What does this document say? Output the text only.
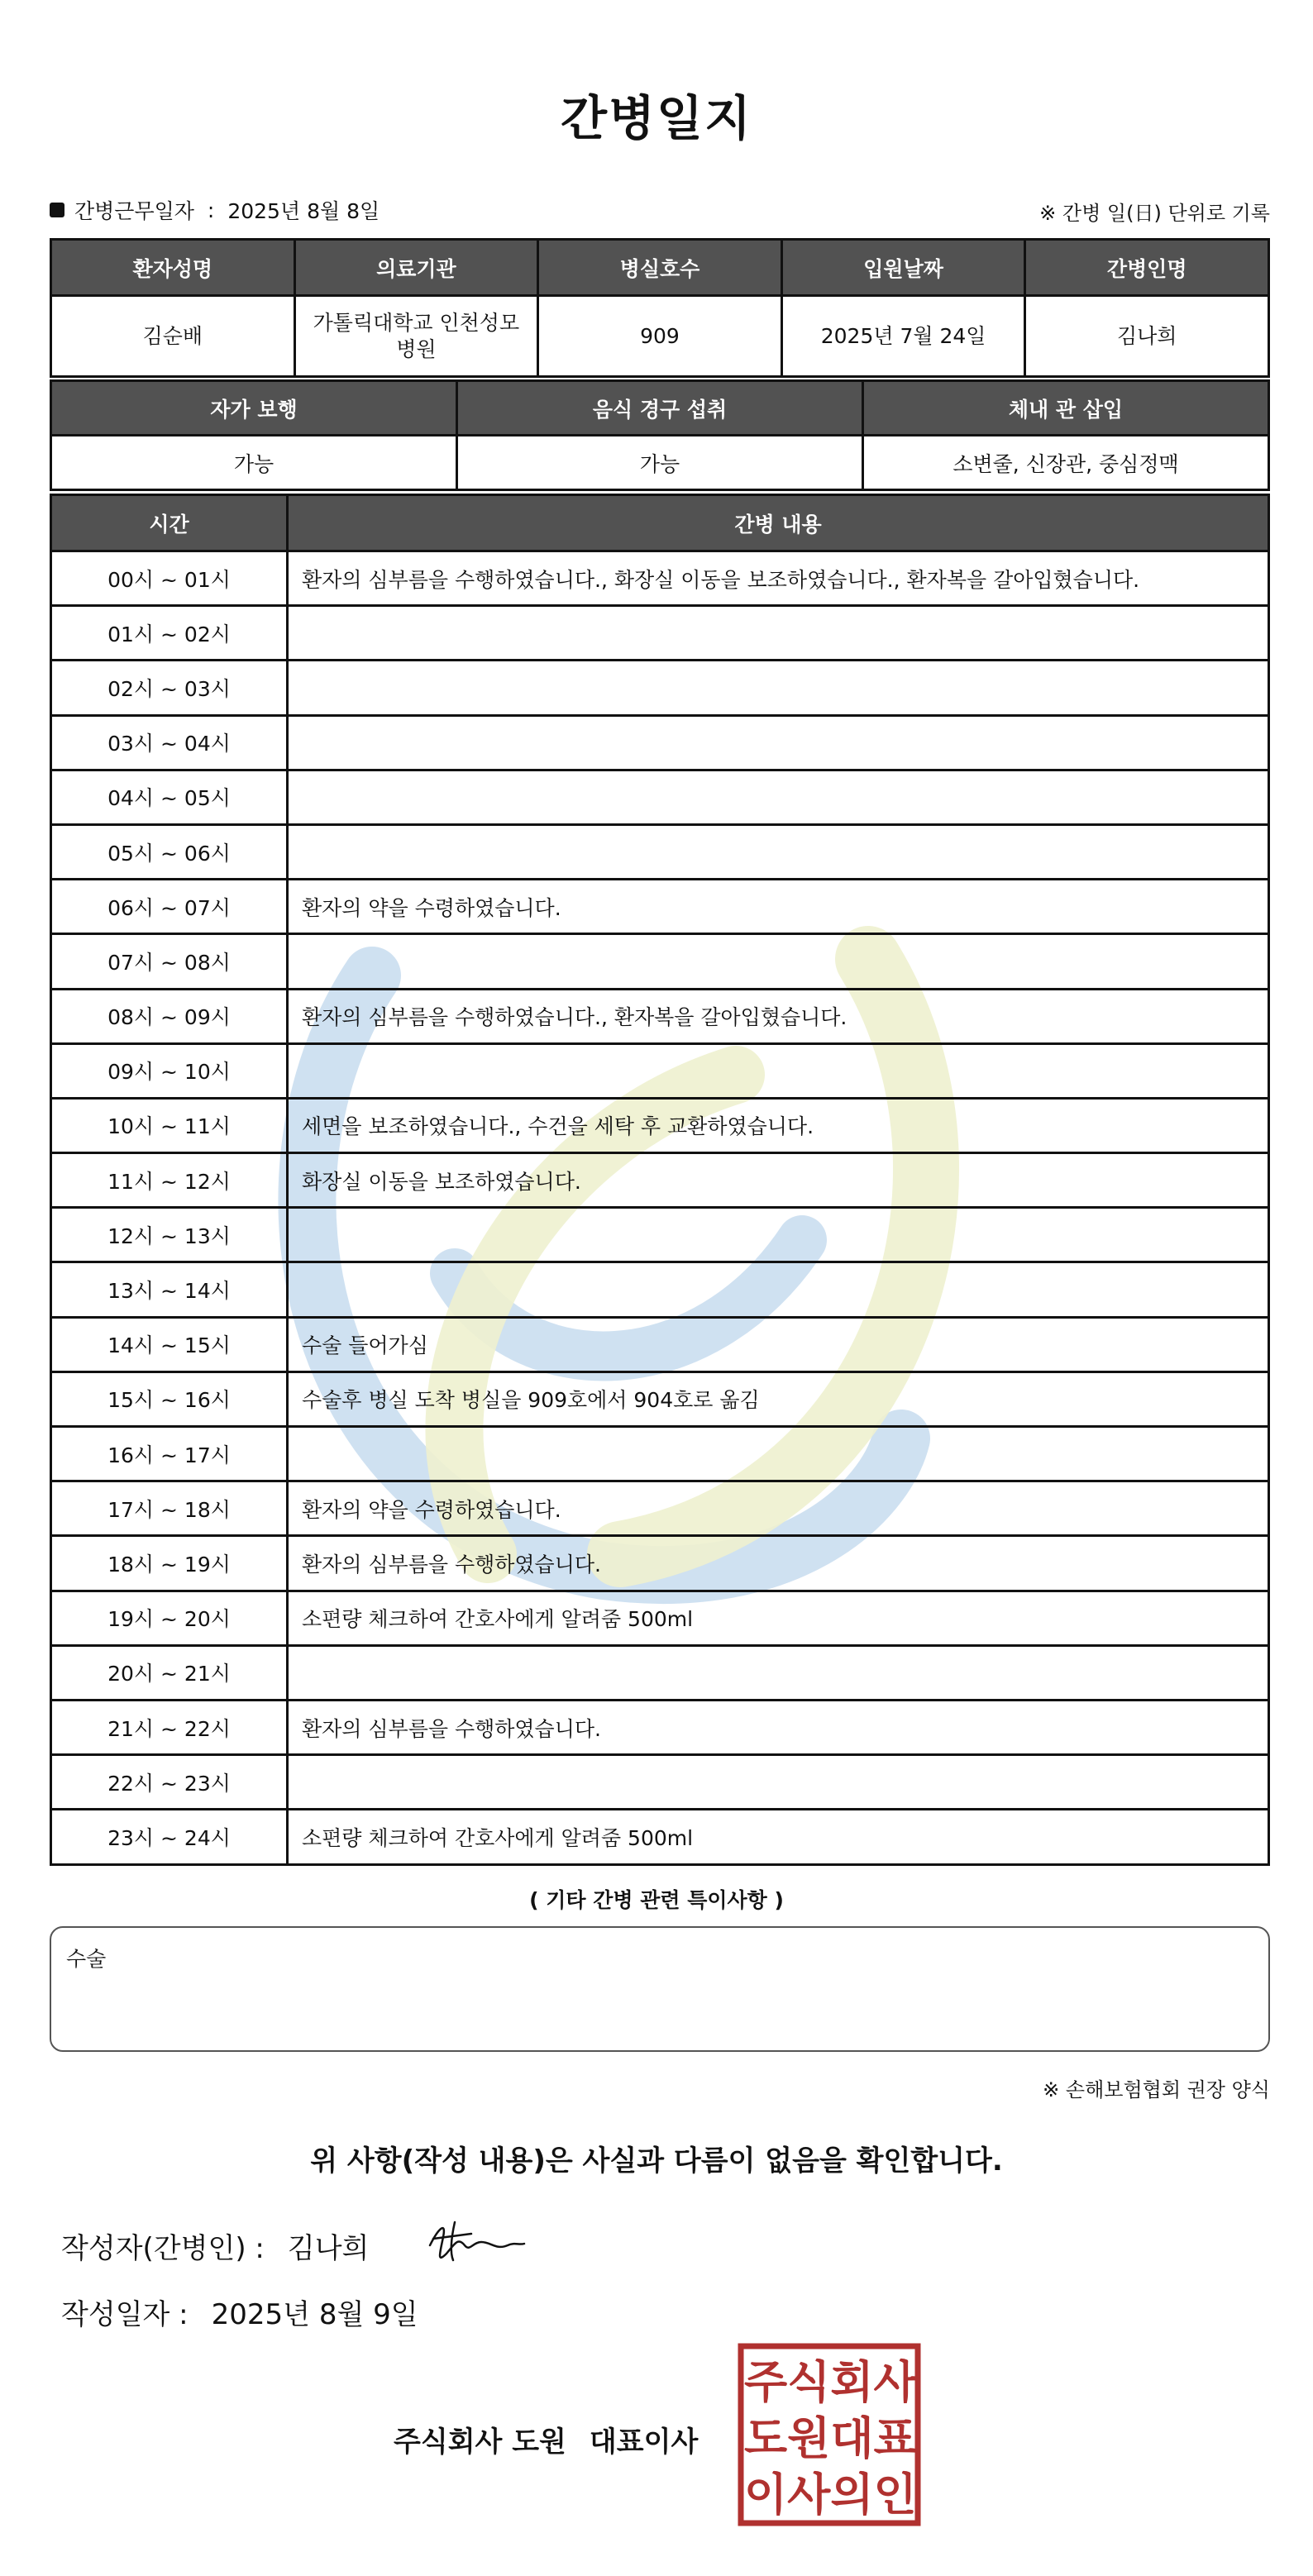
간병일지
간병근무일자 : 2025년 8월 8일	※ 간병 일(日) 단위로 기록
환자성명	의료기관	병실호수	입원날짜	간병인명
김순배	가톨릭대학교 인천성모병원	909	2025년 7월 24일	김나희
자가 보행	음식 경구 섭취	체내 관 삽입
가능	가능	소변줄, 신장관, 중심정맥
시간	간병 내용
00시 ~ 01시	환자의 심부름을 수행하였습니다., 화장실 이동을 보조하였습니다., 환자복을 갈아입혔습니다.
01시 ~ 02시	
02시 ~ 03시	
03시 ~ 04시	
04시 ~ 05시	
05시 ~ 06시	
06시 ~ 07시	환자의 약을 수령하였습니다.
07시 ~ 08시	
08시 ~ 09시	환자의 심부름을 수행하였습니다., 환자복을 갈아입혔습니다.
09시 ~ 10시	
10시 ~ 11시	세면을 보조하였습니다., 수건을 세탁 후 교환하였습니다.
11시 ~ 12시	화장실 이동을 보조하였습니다.
12시 ~ 13시	
13시 ~ 14시	
14시 ~ 15시	수술 들어가심
15시 ~ 16시	수술후 병실 도착 병실을 909호에서 904호로 옮김
16시 ~ 17시	
17시 ~ 18시	환자의 약을 수령하였습니다.
18시 ~ 19시	환자의 심부름을 수행하였습니다.
19시 ~ 20시	소편량 체크하여 간호사에게 알려줌 500ml
20시 ~ 21시	
21시 ~ 22시	환자의 심부름을 수행하였습니다.
22시 ~ 23시	
23시 ~ 24시	소편량 체크하여 간호사에게 알려줌 500ml
( 기타 간병 관련 특이사항 )
수술
※ 손해보험협회 권장 양식
위 사항(작성 내용)은 사실과 다름이 없음을 확인합니다.
작성자(간병인) : 김나희
작성일자 : 2025년 8월 9일
주식회사 도원 대표이사
주식회사
도원대표
이사의인
